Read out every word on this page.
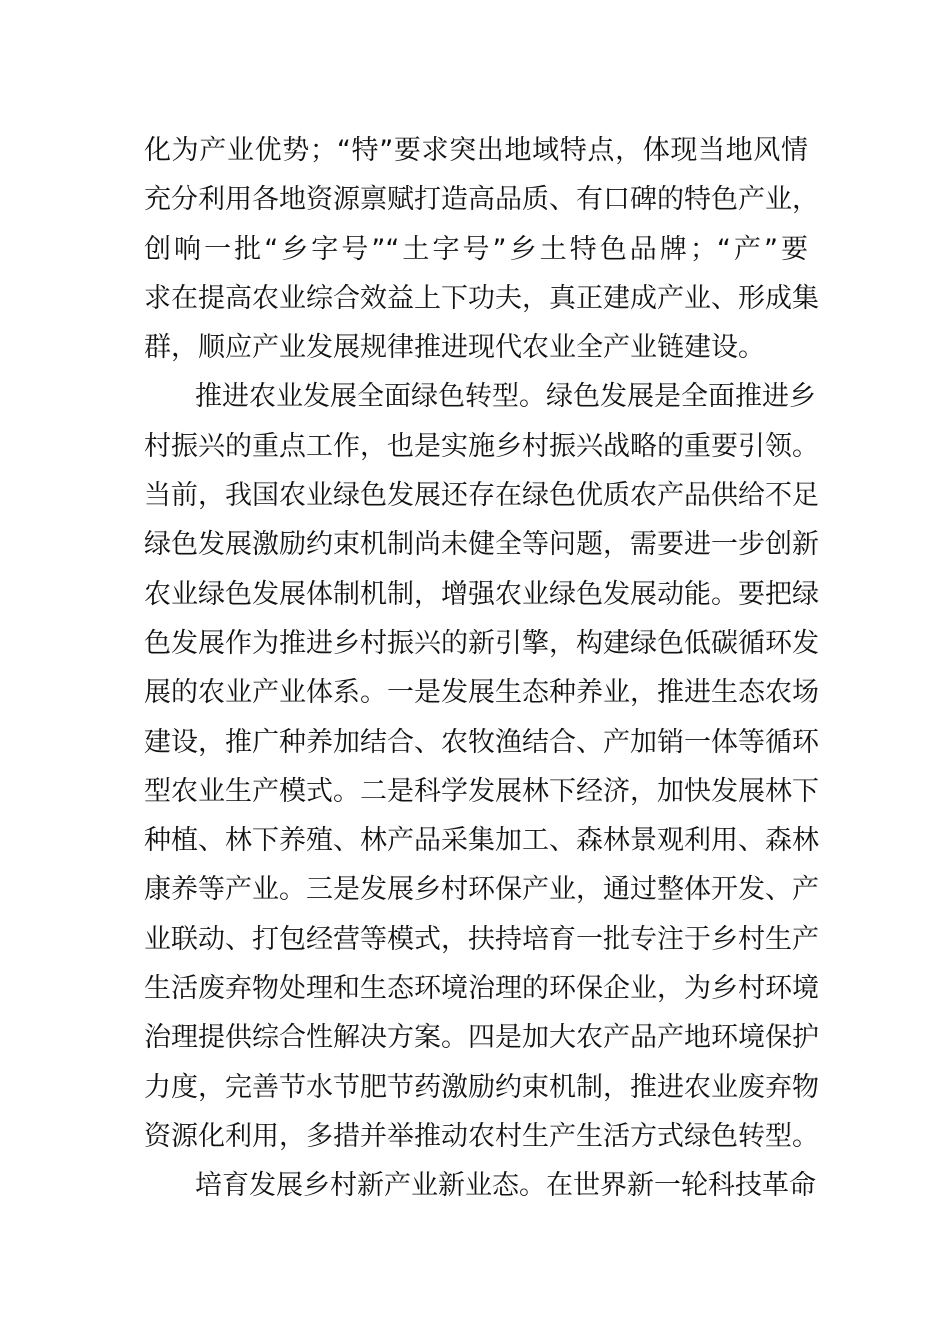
化为产业优势；“特”要求突出地域特点，体现当地风情
充分利用各地资源禀赋打造高品质、有口碑的特色产业，
创响一批“乡字号”“土字号”乡土特色品牌；“产”要
求在提高农业综合效益上下功夫，真正建成产业、形成集
群，顺应产业发展规律推进现代农业全产业链建设。
推进农业发展全面绿色转型。绿色发展是全面推进乡
村振兴的重点工作，也是实施乡村振兴战略的重要引领。
当前，我国农业绿色发展还存在绿色优质农产品供给不足
绿色发展激励约束机制尚未健全等问题，需要进一步创新
农业绿色发展体制机制，增强农业绿色发展动能。要把绿
色发展作为推进乡村振兴的新引擎，构建绿色低碳循环发
展的农业产业体系。一是发展生态种养业，推进生态农场
建设，推广种养加结合、农牧渔结合、产加销一体等循环
型农业生产模式。二是科学发展林下经济，加快发展林下
种植、林下养殖、林产品采集加工、森林景观利用、森林
康养等产业。三是发展乡村环保产业，通过整体开发、产
业联动、打包经营等模式，扶持培育一批专注于乡村生产
生活废弃物处理和生态环境治理的环保企业，为乡村环境
治理提供综合性解决方案。四是加大农产品产地环境保护
力度，完善节水节肥节药激励约束机制，推进农业废弃物
资源化利用，多措并举推动农村生产生活方式绿色转型。
培育发展乡村新产业新业态。在世界新一轮科技革命
